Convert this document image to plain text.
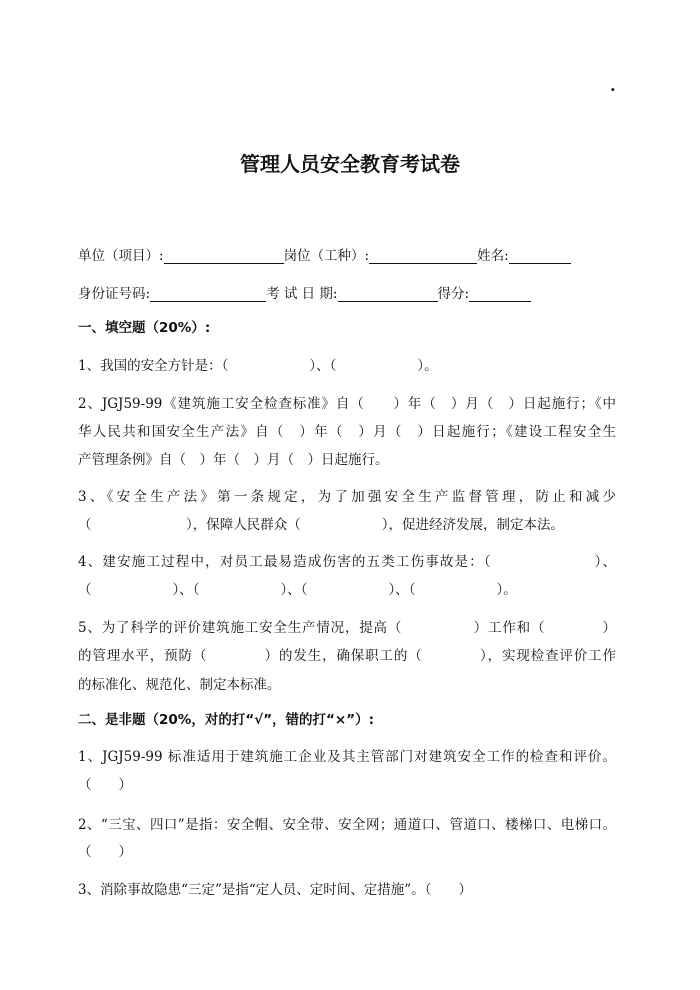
·
管理人员安全教育考试卷
单位（项目）:	岗位（工种）:	姓名:
身份证号码:	考 试 日 期:	得分:
一、填空题（20%）:
1、我国的安全方针是：（　　　　　　）、（　　　　　　）。
2、JGJ59-99《建筑施工安全检查标准》自（　　）年（　）月（　）日起施行；《中
华人民共和国安全生产法》自（　）年（　）月（　）日起施行；《建设工程安全生
产管理条例》自（　）年（　）月（　）日起施行。
3、《安全生产法》第一条规定，为了加强安全生产监督管理，防止和减少
（　　　　　　　），保障人民群众（　　　　　　），促进经济发展，制定本法。
4、建安施工过程中，对员工最易造成伤害的五类工伤事故是：（　　　　　　　）、
（　　　　　　）、（　　　　　　）、（　　　　　　）、（　　　　　　）。
5、为了科学的评价建筑施工安全生产情况，提高（　　　　　）工作和（　　　　）
的管理水平，预防（　　　　）的发生，确保职工的（　　　　），实现检查评价工作
的标准化、规范化、制定本标准。
二、是非题（20%，对的打“√”，错的打“×”）:
1、JGJ59-99 标准适用于建筑施工企业及其主管部门对建筑安全工作的检查和评价。
（　　）
2、“三宝、四口”是指：安全帽、安全带、安全网；通道口、管道口、楼梯口、电梯口。
（　　）
3、消除事故隐患“三定”是指“定人员、定时间、定措施”。（　　）
